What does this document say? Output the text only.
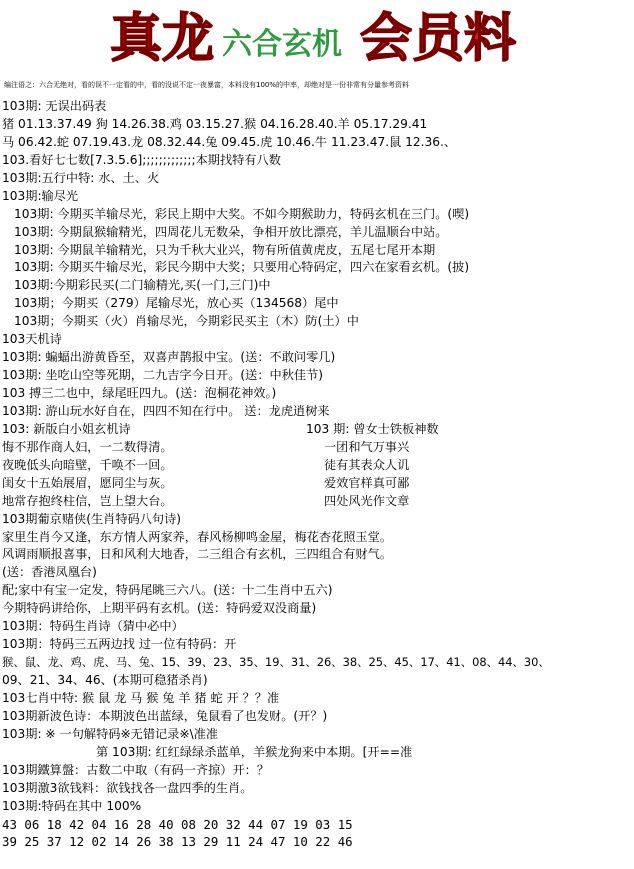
真龙 六合玄机 会员料
编注语之：六合无绝对，看的误不一定看的中，看的没说不定一夜暴富，本料没有100%的中率，却绝对是一份非常有分量参考资料
103期: 无误出码表
猪 01.13.37.49 狗 14.26.38.鸡 03.15.27.猴 04.16.28.40.羊 05.17.29.41
马 06.42.蛇 07.19.43.龙 08.32.44.兔 09.45.虎 10.46.牛 11.23.47.鼠 12.36.、
103.看好七七数[7.3.5.6];;;;;;;;;;;;;本期找特有八数
103期:五行中特: 水、土、火
103期:输尽光
103期: 今期买羊输尽光，彩民上期中大奖。不如今期猴助力，特码玄机在三门。(喫)
103期: 今期鼠猴输精光，四周花儿无数朵，争相开放比漂亮，羊儿温顺台中站。
103期: 今期鼠羊输精光，只为千秋大业兴，物有所值黄虎皮，五尾七尾开本期
103期: 今期买牛输尽光，彩民今期中大奖；只要用心特码定，四六在家看玄机。(披)
103期:今期彩民买(二门输精光,买(一门,三门)中
103期；今期买（279）尾输尽光，放心买（134568）尾中
103期；今期买（火）肖输尽光，今期彩民买主（木）防(土）中
103天机诗
103期: 蝙蝠出游黄昏至，双喜声鹊报中宝。(送：不敢问零几)
103期: 坐吃山空等死期，二九吉字今日开。(送：中秋佳节)
103 搏三二也中，绿尾旺四九。(送：泡桐花神效。)
103期: 游山玩水好自在，四四不知在行中。 送：龙虎逍树来
103: 新版白小姐玄机诗	103 期: 曾女士铁板神数
悔不那作商人妇，一二数得清。	一团和气万事兴
夜晚低头向暗壁，千唤不一回。	徒有其表众人讥
闺女十五始展眉，愿同尘与灰。	爱效官样真可鄙
地常存抱终柱信，岂上望大台。	四处风光作文章
103期葡京赌侠(生肖特码八句诗)
家里生肖今又逢，东方情人两家养，春风杨柳鸣金屋，梅花杏花照玉堂。
风调雨顺报喜事，日和风利大地香，二三组合有玄机，三四组合有财气。
(送：香港凤凰台)
配;家中有宝一定发，特码尾眺三六八。(送：十二生肖中五六)
今期特码讲给你，上期平码有玄机。(送：特码爱双没商量)
103期：特码生肖诗（猜中必中）
103期：特码三五两边找 过一位有特码：开
猴、鼠、龙、鸡、虎、马、兔、15、39、23、35、19、31、26、38、25、45、17、41、08、44、30、
09、21、34、46、(本期可稳猪杀肖)
103七肖中特: 猴 鼠 龙 马 猴 兔 羊 猪 蛇 开 ？？准
103期新波色诗：本期波色出蓝绿，兔鼠看了也发财。(开？)
103期: ※ 一句解特码※无错记录※\准准
第 103期: 红红绿绿杀蓝单，羊猴龙狗来中本期。[开==准
103期鐵算盤：古数二中取（有码一齐掠）开：？
103期激3欲钱料：欲钱找各一盘四季的生肖。
103期:特码在其中 100%
43 06 18 42 04 16 28 40 08 20 32 44 07 19 03 15
39 25 37 12 02 14 26 38 13 29 11 24 47 10 22 46
